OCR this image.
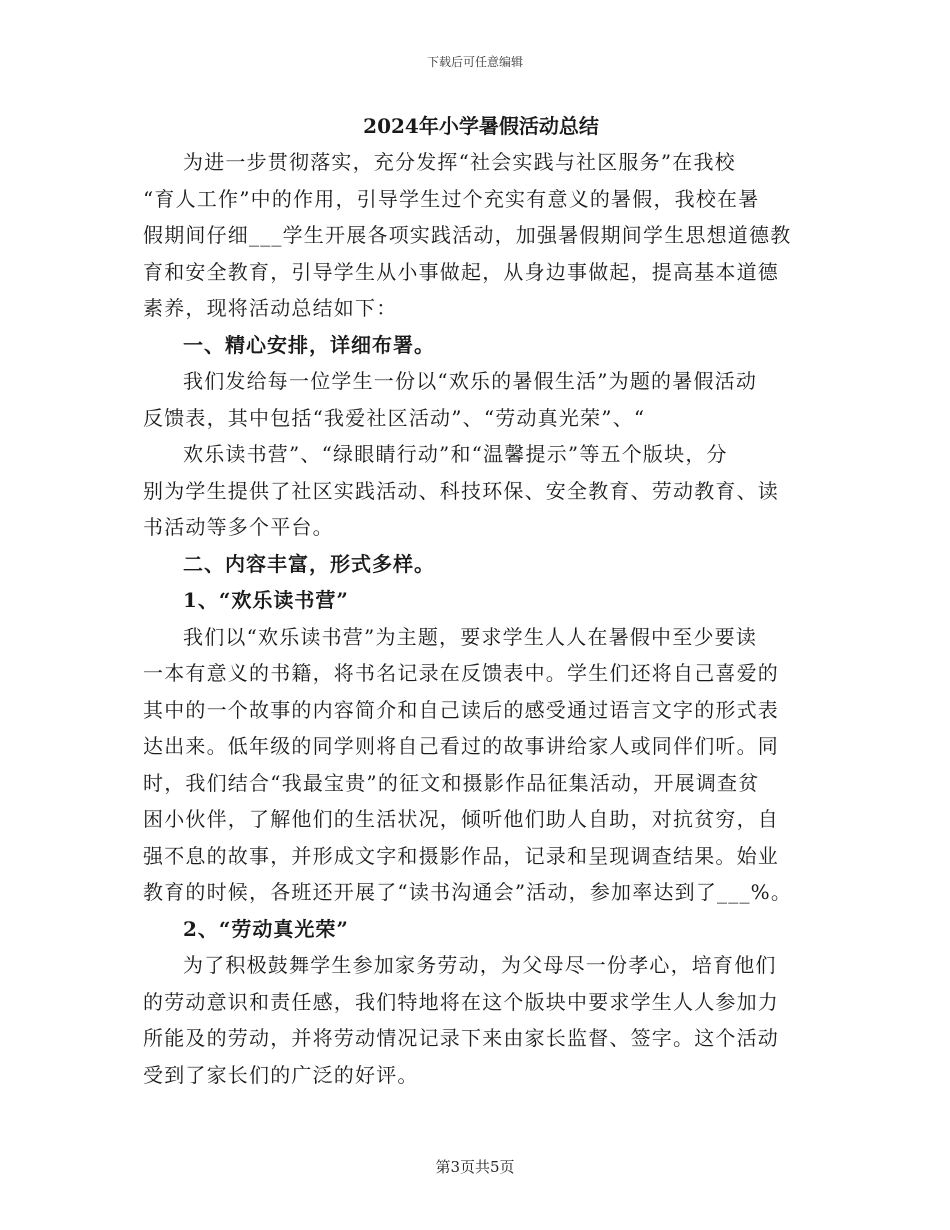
下载后可任意编辑
2024年小学暑假活动总结
为进一步贯彻落实，充分发挥“社会实践与社区服务”在我校
“育人工作”中的作用，引导学生过个充实有意义的暑假，我校在暑
假期间仔细___学生开展各项实践活动，加强暑假期间学生思想道德教
育和安全教育，引导学生从小事做起，从身边事做起，提高基本道德
素养，现将活动总结如下：
一、精心安排，详细布署。
我们发给每一位学生一份以“欢乐的暑假生活”为题的暑假活动
反馈表，其中包括“我爱社区活动”、“劳动真光荣”、“
欢乐读书营”、“绿眼睛行动”和“温馨提示”等五个版块，分
别为学生提供了社区实践活动、科技环保、安全教育、劳动教育、读
书活动等多个平台。
二、内容丰富，形式多样。
1、“欢乐读书营”
我们以“欢乐读书营”为主题，要求学生人人在暑假中至少要读
一本有意义的书籍，将书名记录在反馈表中。学生们还将自己喜爱的
其中的一个故事的内容简介和自己读后的感受通过语言文字的形式表
达出来。低年级的同学则将自己看过的故事讲给家人或同伴们听。同
时，我们结合“我最宝贵”的征文和摄影作品征集活动，开展调查贫
困小伙伴，了解他们的生活状况，倾听他们助人自助，对抗贫穷，自
强不息的故事，并形成文字和摄影作品，记录和呈现调查结果。始业
教育的时候，各班还开展了“读书沟通会”活动，参加率达到了___%。
2、“劳动真光荣”
为了积极鼓舞学生参加家务劳动，为父母尽一份孝心，培育他们
的劳动意识和责任感，我们特地将在这个版块中要求学生人人参加力
所能及的劳动，并将劳动情况记录下来由家长监督、签字。这个活动
受到了家长们的广泛的好评。
第3页共5页
